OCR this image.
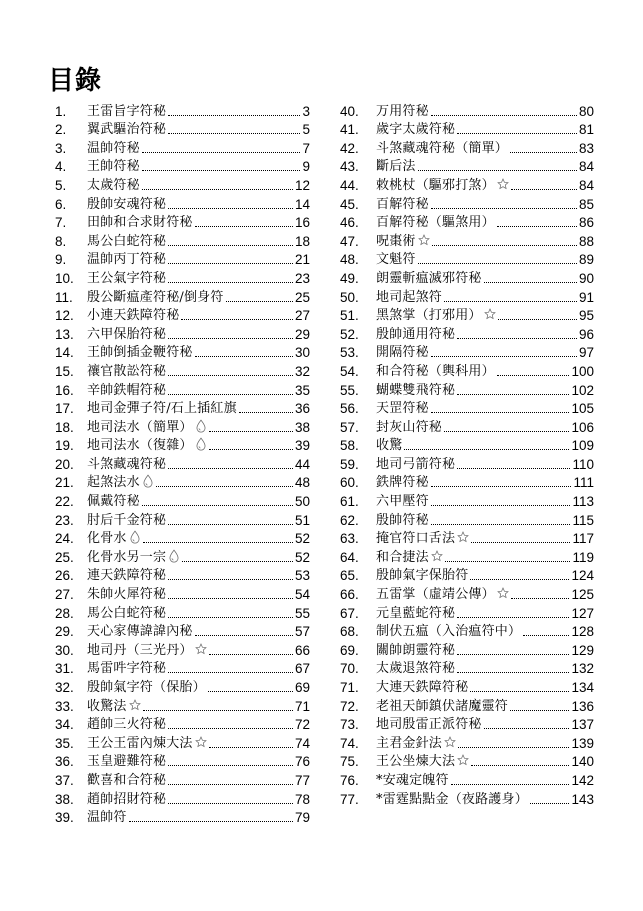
目錄
1.	王雷旨字符秘	3
2.	翼武驅治符秘	5
3.	温帥符秘	7
4.	王帥符秘	9
5.	太歲符秘	12
6.	殷帥安魂符秘	14
7.	田帥和合求財符秘	16
8.	馬公白蛇符秘	18
9.	温帥丙丁符秘	21
10.	王公氣字符秘	23
11.	殷公斷瘟產符秘/倒身符	25
12.	小連天鉄障符秘	27
13.	六甲保胎符秘	29
14.	王帥倒插金鞭符秘	30
15.	禳官散訟符秘	32
16.	辛帥鉄帽符秘	35
17.	地司金彈子符/石上插紅旗	36
18.	地司法水（簡單）	38
19.	地司法水（復雜）	39
20.	斗煞藏魂符秘	44
21.	起煞法水	48
22.	佩戴符秘	50
23.	肘后千金符秘	51
24.	化骨水	52
25.	化骨水另一宗	52
26.	連天鉄障符秘	53
27.	朱帥火犀符秘	54
28.	馬公白蛇符秘	55
29.	天心家傳諱諱內秘	57
30.	地司丹（三光丹）	66
31.	馬雷吽字符秘	67
32.	殷帥氣字符（保胎）	69
33.	收驚法	71
34.	趙帥三火符秘	72
35.	王公王雷內煉大法	74
36.	玉皇避難符秘	76
37.	歡喜和合符秘	77
38.	趙帥招財符秘	78
39.	温帥符	79
40.	万用符秘	80
41.	歲字太歲符秘	81
42.	斗煞藏魂符秘（簡單）	83
43.	斷后法	84
44.	敕桃杖（驅邪打煞）	84
45.	百解符秘	85
46.	百解符秘（驅煞用）	86
47.	呪棗術	88
48.	文魁符	89
49.	朗靈斬瘟滅邪符秘	90
50.	地司起煞符	91
51.	黑煞掌（打邪用）	95
52.	殷帥通用符秘	96
53.	開隔符秘	97
54.	和合符秘（輿科用）	100
55.	蝴蝶雙飛符秘	102
56.	天罡符秘	105
57.	封灰山符秘	106
58.	收驚	109
59.	地司弓箭符秘	110
60.	鉄牌符秘	111
61.	六甲壓符	113
62.	殷帥符秘	115
63.	掩官符口舌法	117
64.	和合捷法	119
65.	殷帥氣字保胎符	124
66.	五雷掌（虛靖公傳）	125
67.	元皇藍蛇符秘	127
68.	制伏五瘟（入治瘟符中）	128
69.	關帥朗靈符秘	129
70.	太歲退煞符秘	132
71.	大連天鉄障符秘	134
72.	老祖天師鎮伏諸魔靈符	136
73.	地司殷雷正派符秘	137
74.	主君金針法	139
75.	王公坐煉大法	140
76.	*安魂定魄符	142
77.	*雷霆點點金（夜路護身）	143
